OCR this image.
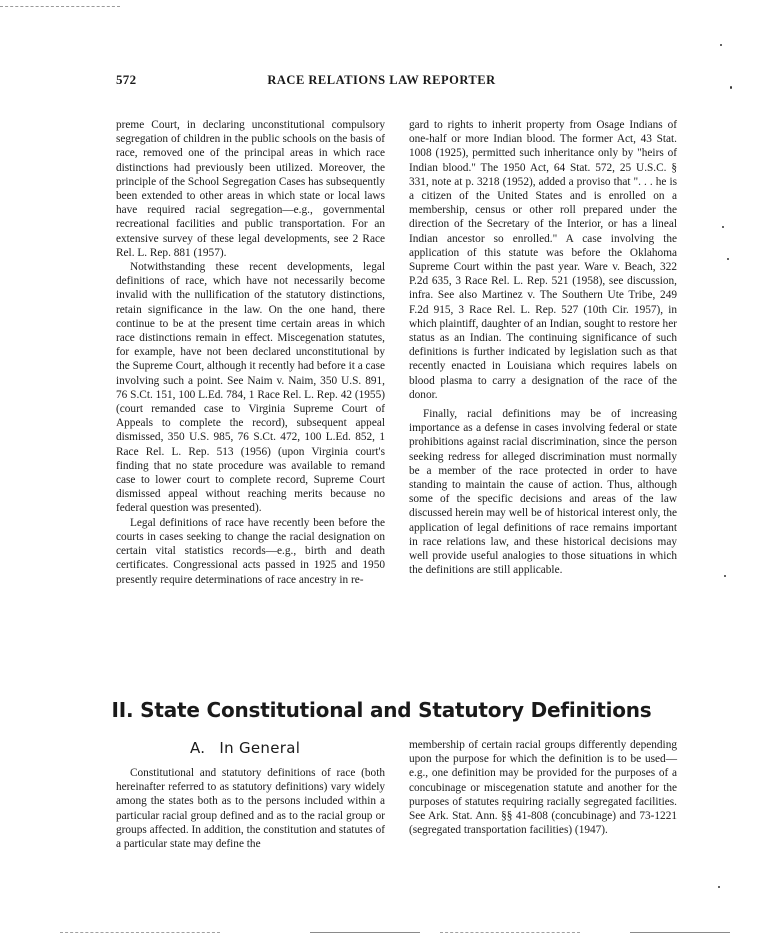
572	RACE RELATIONS LAW REPORTER

preme Court, in declaring unconstitutional compulsory segregation of children in the public schools on the basis of race, removed one of the principal areas in which race distinctions had previously been utilized. Moreover, the principle of the School Segregation Cases has subsequently been extended to other areas in which state or local laws have required racial segregation—e.g., governmental recreational facilities and public transportation. For an extensive survey of these legal developments, see 2 Race Rel. L. Rep. 881 (1957).

Notwithstanding these recent developments, legal definitions of race, which have not necessarily become invalid with the nullification of the statutory distinctions, retain significance in the law. On the one hand, there continue to be at the present time certain areas in which race distinctions remain in effect. Miscegenation statutes, for example, have not been declared unconstitutional by the Supreme Court, although it recently had before it a case involving such a point. See Naim v. Naim, 350 U.S. 891, 76 S.Ct. 151, 100 L.Ed. 784, 1 Race Rel. L. Rep. 42 (1955) (court remanded case to Virginia Supreme Court of Appeals to complete the record), subsequent appeal dismissed, 350 U.S. 985, 76 S.Ct. 472, 100 L.Ed. 852, 1 Race Rel. L. Rep. 513 (1956) (upon Virginia court's finding that no state procedure was available to remand case to lower court to complete record, Supreme Court dismissed appeal without reaching merits because no federal question was presented).

Legal definitions of race have recently been before the courts in cases seeking to change the racial designation on certain vital statistics records—e.g., birth and death certificates. Congressional acts passed in 1925 and 1950 presently require determinations of race ancestry in re-

gard to rights to inherit property from Osage Indians of one-half or more Indian blood. The former Act, 43 Stat. 1008 (1925), permitted such inheritance only by "heirs of Indian blood." The 1950 Act, 64 Stat. 572, 25 U.S.C. § 331, note at p. 3218 (1952), added a proviso that ". . . he is a citizen of the United States and is enrolled on a membership, census or other roll prepared under the direction of the Secretary of the Interior, or has a lineal Indian ancestor so enrolled." A case involving the application of this statute was before the Oklahoma Supreme Court within the past year. Ware v. Beach, 322 P.2d 635, 3 Race Rel. L. Rep. 521 (1958), see discussion, infra. See also Martinez v. The Southern Ute Tribe, 249 F.2d 915, 3 Race Rel. L. Rep. 527 (10th Cir. 1957), in which plaintiff, daughter of an Indian, sought to restore her status as an Indian. The continuing significance of such definitions is further indicated by legislation such as that recently enacted in Louisiana which requires labels on blood plasma to carry a designation of the race of the donor.

Finally, racial definitions may be of increasing importance as a defense in cases involving federal or state prohibitions against racial discrimination, since the person seeking redress for alleged discrimination must normally be a member of the race protected in order to have standing to maintain the cause of action. Thus, although some of the specific decisions and areas of the law discussed herein may well be of historical interest only, the application of legal definitions of race remains important in race relations law, and these historical decisions may well provide useful analogies to those situations in which the definitions are still applicable.

II. State Constitutional and Statutory Definitions
A. In General

Constitutional and statutory definitions of race (both hereinafter referred to as statutory definitions) vary widely among the states both as to the persons included within a particular racial group defined and as to the racial group or groups affected. In addition, the constitution and statutes of a particular state may define the

membership of certain racial groups differently depending upon the purpose for which the definition is to be used—e.g., one definition may be provided for the purposes of a concubinage or miscegenation statute and another for the purposes of statutes requiring racially segregated facilities. See Ark. Stat. Ann. §§ 41-808 (concubinage) and 73-1221 (segregated transportation facilities) (1947).
